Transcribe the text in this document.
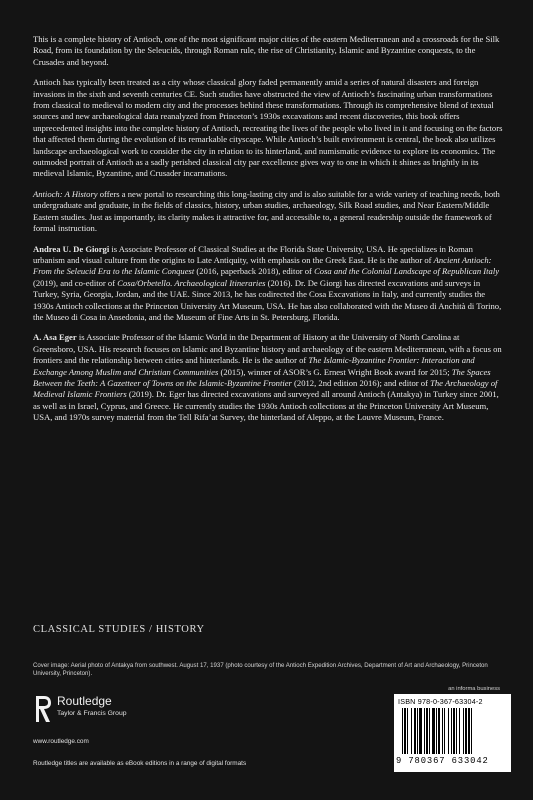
This is a complete history of Antioch, one of the most significant major cities of the eastern Mediterranean and a crossroads for the Silk Road, from its foundation by the Seleucids, through Roman rule, the rise of Christianity, Islamic and Byzantine conquests, to the Crusades and beyond.

Antioch has typically been treated as a city whose classical glory faded permanently amid a series of natural disasters and foreign invasions in the sixth and seventh centuries CE. Such studies have obstructed the view of Antioch’s fascinating urban transformations from classical to medieval to modern city and the processes behind these transformations. Through its comprehensive blend of textual sources and new archaeological data reanalyzed from Princeton’s 1930s excavations and recent discoveries, this book offers unprecedented insights into the complete history of Antioch, recreating the lives of the people who lived in it and focusing on the factors that affected them during the evolution of its remarkable cityscape. While Antioch’s built environment is central, the book also utilizes landscape archaeological work to consider the city in relation to its hinterland, and numismatic evidence to explore its economics. The outmoded portrait of Antioch as a sadly perished classical city par excellence gives way to one in which it shines as brightly in its medieval Islamic, Byzantine, and Crusader incarnations.

Antioch: A History offers a new portal to researching this long-lasting city and is also suitable for a wide variety of teaching needs, both undergraduate and graduate, in the fields of classics, history, urban studies, archaeology, Silk Road studies, and Near Eastern/Middle Eastern studies. Just as importantly, its clarity makes it attractive for, and accessible to, a general readership outside the framework of formal instruction.

Andrea U. De Giorgi is Associate Professor of Classical Studies at the Florida State University, USA. He specializes in Roman urbanism and visual culture from the origins to Late Antiquity, with emphasis on the Greek East. He is the author of Ancient Antioch: From the Seleucid Era to the Islamic Conquest (2016, paperback 2018), editor of Cosa and the Colonial Landscape of Republican Italy (2019), and co-editor of Cosa/Orbetello. Archaeological Itineraries (2016). Dr. De Giorgi has directed excavations and surveys in Turkey, Syria, Georgia, Jordan, and the UAE. Since 2013, he has codirected the Cosa Excavations in Italy, and currently studies the 1930s Antioch collections at the Princeton University Art Museum, USA. He has also collaborated with the Museo di Anchità di Torino, the Museo di Cosa in Ansedonia, and the Museum of Fine Arts in St. Petersburg, Florida.

A. Asa Eger is Associate Professor of the Islamic World in the Department of History at the University of North Carolina at Greensboro, USA. His research focuses on Islamic and Byzantine history and archaeology of the eastern Mediterranean, with a focus on frontiers and the relationship between cities and hinterlands. He is the author of The Islamic-Byzantine Frontier: Interaction and Exchange Among Muslim and Christian Communities (2015), winner of ASOR’s G. Ernest Wright Book award for 2015; The Spaces Between the Teeth: A Gazetteer of Towns on the Islamic-Byzantine Frontier (2012, 2nd edition 2016); and editor of The Archaeology of Medieval Islamic Frontiers (2019). Dr. Eger has directed excavations and surveyed all around Antioch (Antakya) in Turkey since 2001, as well as in Israel, Cyprus, and Greece. He currently studies the 1930s Antioch collections at the Princeton University Art Museum, USA, and 1970s survey material from the Tell Rifa’at Survey, the hinterland of Aleppo, at the Louvre Museum, France.

CLASSICAL STUDIES / HISTORY
Cover image: Aerial photo of Antakya from southwest. August 17, 1937 (photo courtesy of the Antioch Expedition Archives, Department of Art and Archaeology, Princeton University, Princeton).
an informa business
Routledge
Taylor & Francis Group
www.routledge.com
Routledge titles are available as eBook editions in a range of digital formats
ISBN 978-0-367-63304-2
9 780367 633042
